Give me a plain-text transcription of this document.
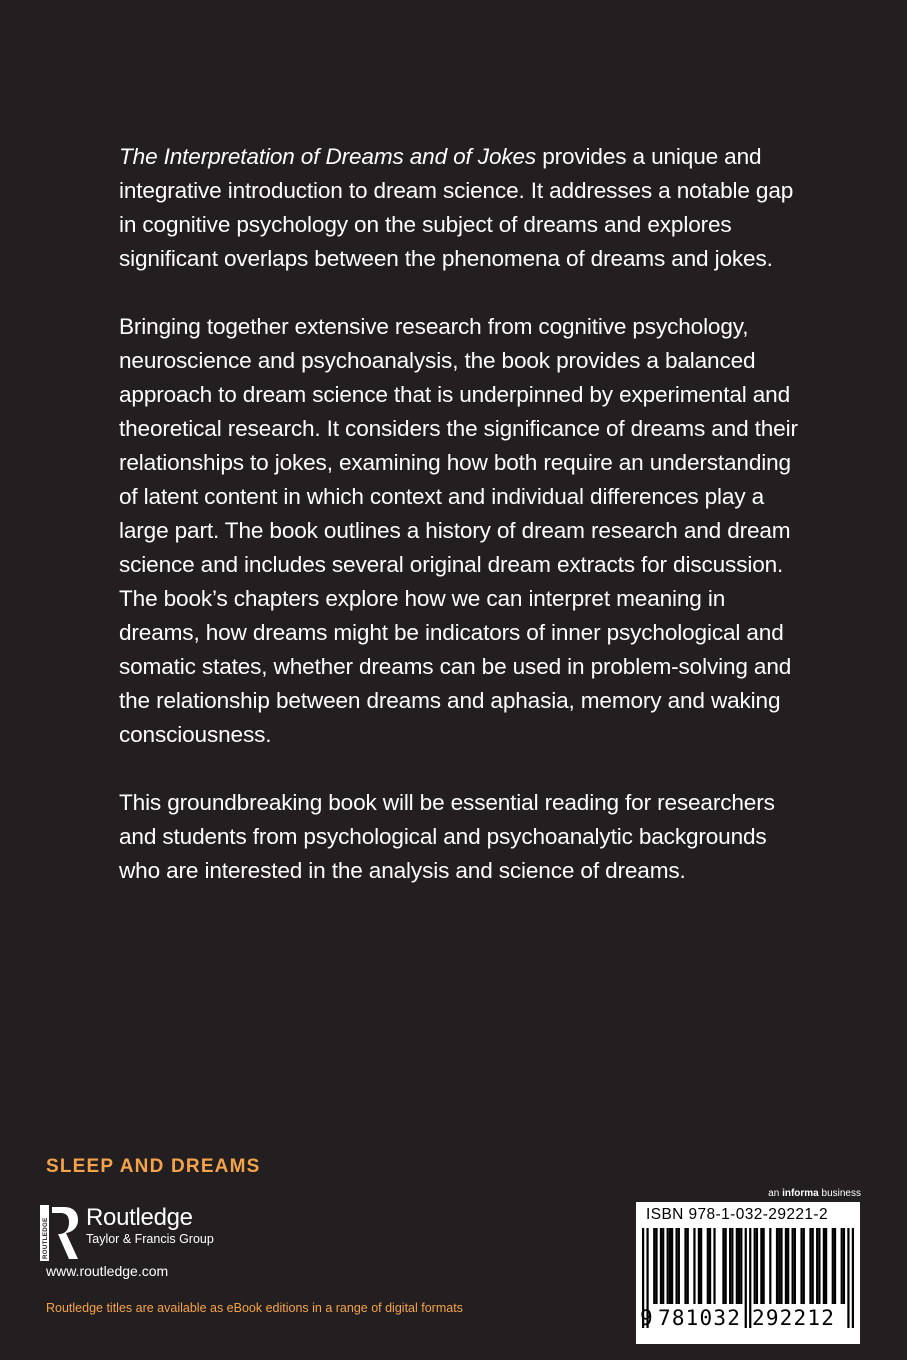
The Interpretation of Dreams and of Jokes provides a unique and integrative introduction to dream science. It addresses a notable gap in cognitive psychology on the subject of dreams and explores significant overlaps between the phenomena of dreams and jokes.

Bringing together extensive research from cognitive psychology, neuroscience and psychoanalysis, the book provides a balanced approach to dream science that is underpinned by experimental and theoretical research. It considers the significance of dreams and their relationships to jokes, examining how both require an understanding of latent content in which context and individual differences play a large part. The book outlines a history of dream research and dream science and includes several original dream extracts for discussion. The book’s chapters explore how we can interpret meaning in dreams, how dreams might be indicators of inner psychological and somatic states, whether dreams can be used in problem-solving and the relationship between dreams and aphasia, memory and waking consciousness.

This groundbreaking book will be essential reading for researchers and students from psychological and psychoanalytic backgrounds who are interested in the analysis and science of dreams.

SLEEP AND DREAMS
ROUTLEDGE Routledge
Taylor & Francis Group
www.routledge.com
Routledge titles are available as eBook editions in a range of digital formats
an informa business
ISBN 978-1-032-29221-2
9 781032 292212
